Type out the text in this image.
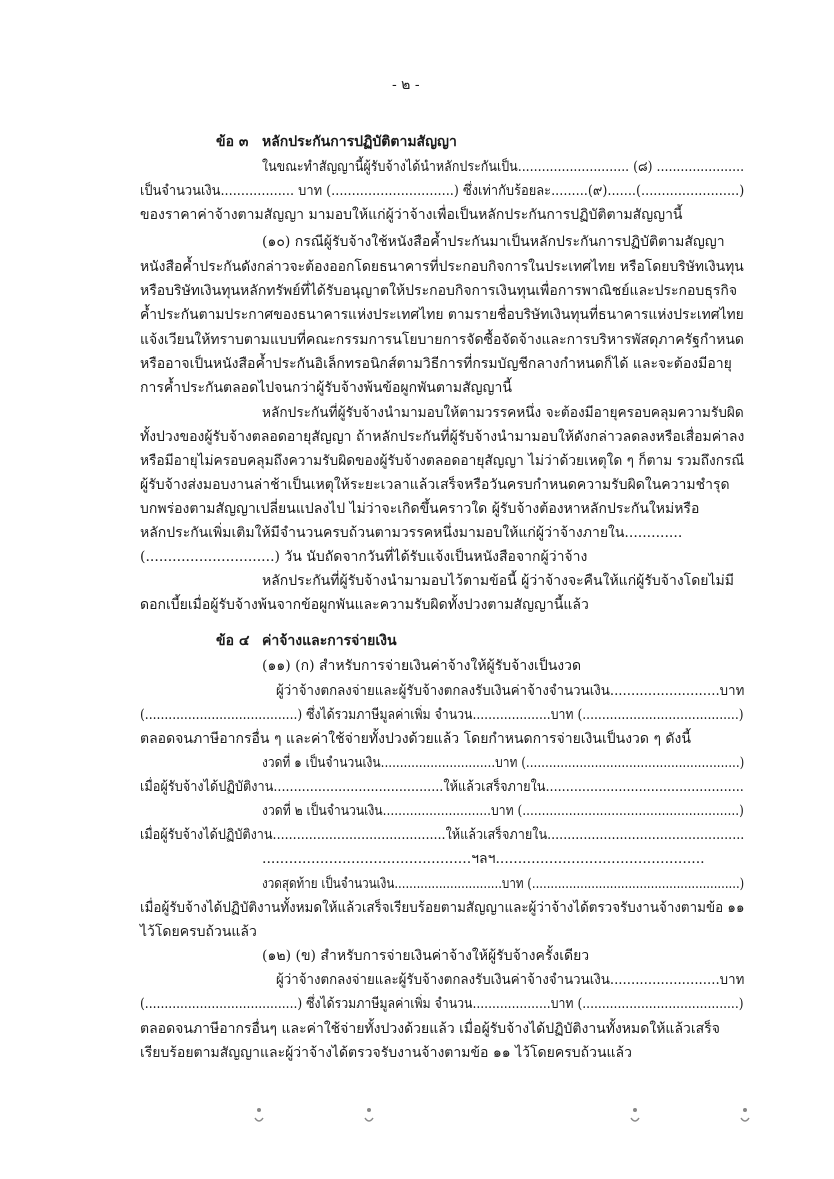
- ๒ -
ข้อ ๓ หลักประกันการปฏิบัติตามสัญญา
ในขณะทำสัญญานี้ผู้รับจ้างได้นำหลักประกันเป็น............................ (๘) ......................
เป็นจำนวนเงิน.................. บาท (..............................) ซึ่งเท่ากับร้อยละ.........(๙).......(........................)
ของราคาค่าจ้างตามสัญญา มามอบให้แก่ผู้ว่าจ้างเพื่อเป็นหลักประกันการปฏิบัติตามสัญญานี้
(๑๐) กรณีผู้รับจ้างใช้หนังสือค้ำประกันมาเป็นหลักประกันการปฏิบัติตามสัญญา
หนังสือค้ำประกันดังกล่าวจะต้องออกโดยธนาคารที่ประกอบกิจการในประเทศไทย หรือโดยบริษัทเงินทุน
หรือบริษัทเงินทุนหลักทรัพย์ที่ได้รับอนุญาตให้ประกอบกิจการเงินทุนเพื่อการพาณิชย์และประกอบธุรกิจ
ค้ำประกันตามประกาศของธนาคารแห่งประเทศไทย ตามรายชื่อบริษัทเงินทุนที่ธนาคารแห่งประเทศไทย
แจ้งเวียนให้ทราบตามแบบที่คณะกรรมการนโยบายการจัดซื้อจัดจ้างและการบริหารพัสดุภาครัฐกำหนด
หรืออาจเป็นหนังสือค้ำประกันอิเล็กทรอนิกส์ตามวิธีการที่กรมบัญชีกลางกำหนดก็ได้ และจะต้องมีอายุ
การค้ำประกันตลอดไปจนกว่าผู้รับจ้างพ้นข้อผูกพันตามสัญญานี้
หลักประกันที่ผู้รับจ้างนำมามอบให้ตามวรรคหนึ่ง จะต้องมีอายุครอบคลุมความรับผิด
ทั้งปวงของผู้รับจ้างตลอดอายุสัญญา ถ้าหลักประกันที่ผู้รับจ้างนำมามอบให้ดังกล่าวลดลงหรือเสื่อมค่าลง
หรือมีอายุไม่ครอบคลุมถึงความรับผิดของผู้รับจ้างตลอดอายุสัญญา ไม่ว่าด้วยเหตุใด ๆ ก็ตาม รวมถึงกรณี
ผู้รับจ้างส่งมอบงานล่าช้าเป็นเหตุให้ระยะเวลาแล้วเสร็จหรือวันครบกำหนดความรับผิดในความชำรุด
บกพร่องตามสัญญาเปลี่ยนแปลงไป ไม่ว่าจะเกิดขึ้นคราวใด ผู้รับจ้างต้องหาหลักประกันใหม่หรือ
หลักประกันเพิ่มเติมให้มีจำนวนครบถ้วนตามวรรคหนึ่งมามอบให้แก่ผู้ว่าจ้างภายใน.............
(.............................) วัน นับถัดจากวันที่ได้รับแจ้งเป็นหนังสือจากผู้ว่าจ้าง
หลักประกันที่ผู้รับจ้างนำมามอบไว้ตามข้อนี้ ผู้ว่าจ้างจะคืนให้แก่ผู้รับจ้างโดยไม่มี
ดอกเบี้ยเมื่อผู้รับจ้างพ้นจากข้อผูกพันและความรับผิดทั้งปวงตามสัญญานี้แล้ว
ข้อ ๔ ค่าจ้างและการจ่ายเงิน
(๑๑) (ก) สำหรับการจ่ายเงินค่าจ้างให้ผู้รับจ้างเป็นงวด
ผู้ว่าจ้างตกลงจ่ายและผู้รับจ้างตกลงรับเงินค่าจ้างจำนวนเงิน..........................บาท
(.......................................) ซึ่งได้รวมภาษีมูลค่าเพิ่ม จำนวน....................บาท (........................................)
ตลอดจนภาษีอากรอื่น ๆ และค่าใช้จ่ายทั้งปวงด้วยแล้ว โดยกำหนดการจ่ายเงินเป็นงวด ๆ ดังนี้
งวดที่ ๑ เป็นจำนวนเงิน..............................บาท (........................................................)
เมื่อผู้รับจ้างได้ปฏิบัติงาน..........................................ให้แล้วเสร็จภายใน.................................................
งวดที่ ๒ เป็นจำนวนเงิน............................บาท (........................................................)
เมื่อผู้รับจ้างได้ปฏิบัติงาน...........................................ให้แล้วเสร็จภายใน.................................................
...............................................ฯลฯ...............................................
งวดสุดท้าย เป็นจำนวนเงิน.............................บาท (........................................................)
เมื่อผู้รับจ้างได้ปฏิบัติงานทั้งหมดให้แล้วเสร็จเรียบร้อยตามสัญญาและผู้ว่าจ้างได้ตรวจรับงานจ้างตามข้อ ๑๑
ไว้โดยครบถ้วนแล้ว
(๑๒) (ข) สำหรับการจ่ายเงินค่าจ้างให้ผู้รับจ้างครั้งเดียว
ผู้ว่าจ้างตกลงจ่ายและผู้รับจ้างตกลงรับเงินค่าจ้างจำนวนเงิน..........................บาท
(.......................................) ซึ่งได้รวมภาษีมูลค่าเพิ่ม จำนวน....................บาท (........................................)
ตลอดจนภาษีอากรอื่นๆ และค่าใช้จ่ายทั้งปวงด้วยแล้ว เมื่อผู้รับจ้างได้ปฏิบัติงานทั้งหมดให้แล้วเสร็จ
เรียบร้อยตามสัญญาและผู้ว่าจ้างได้ตรวจรับงานจ้างตามข้อ ๑๑ ไว้โดยครบถ้วนแล้ว
